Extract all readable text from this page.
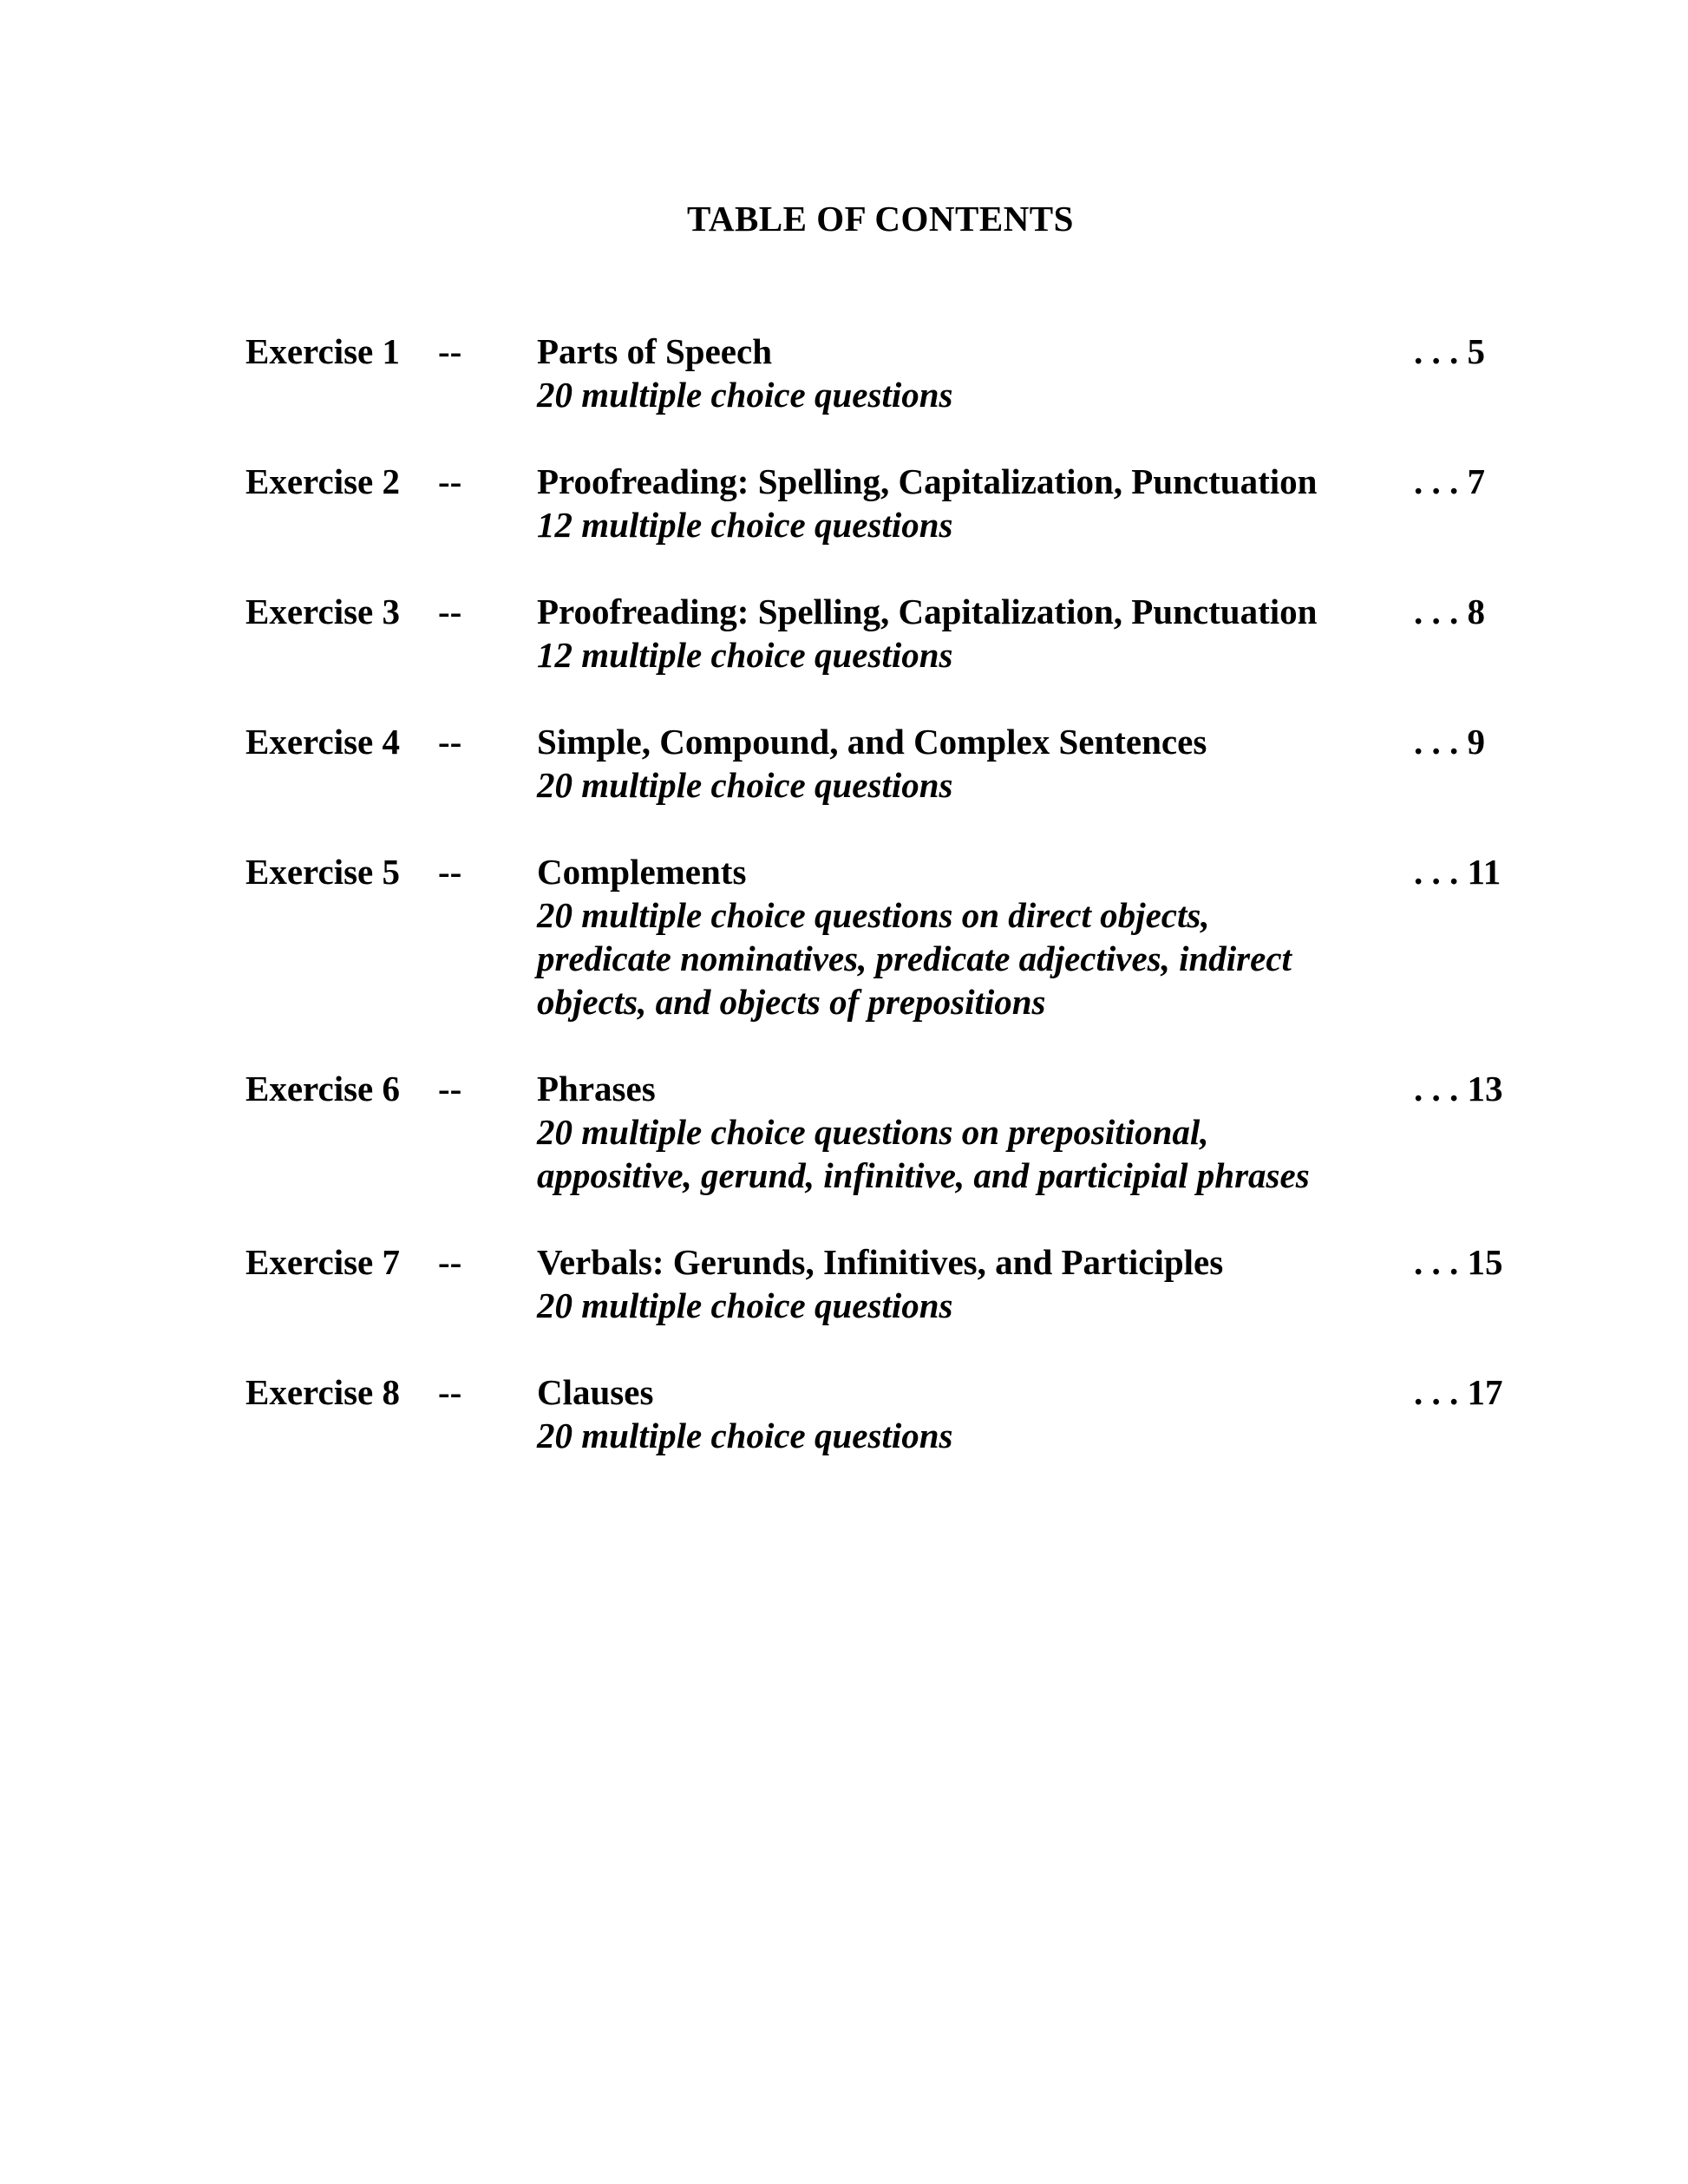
TABLE OF CONTENTS
Exercise 1 -- Parts of Speech
20 multiple choice questions
. . . 5
Exercise 2 -- Proofreading: Spelling, Capitalization, Punctuation
12 multiple choice questions
. . . 7
Exercise 3 -- Proofreading: Spelling, Capitalization, Punctuation
12 multiple choice questions
. . . 8
Exercise 4 -- Simple, Compound, and Complex Sentences
20 multiple choice questions
. . . 9
Exercise 5 -- Complements
20 multiple choice questions on direct objects, predicate nominatives, predicate adjectives, indirect objects, and objects of prepositions
. . . 11
Exercise 6 -- Phrases
20 multiple choice questions on prepositional, appositive, gerund, infinitive, and participial phrases
. . . 13
Exercise 7 -- Verbals: Gerunds, Infinitives, and Participles
20 multiple choice questions
. . . 15
Exercise 8 -- Clauses
20 multiple choice questions
. . . 17
